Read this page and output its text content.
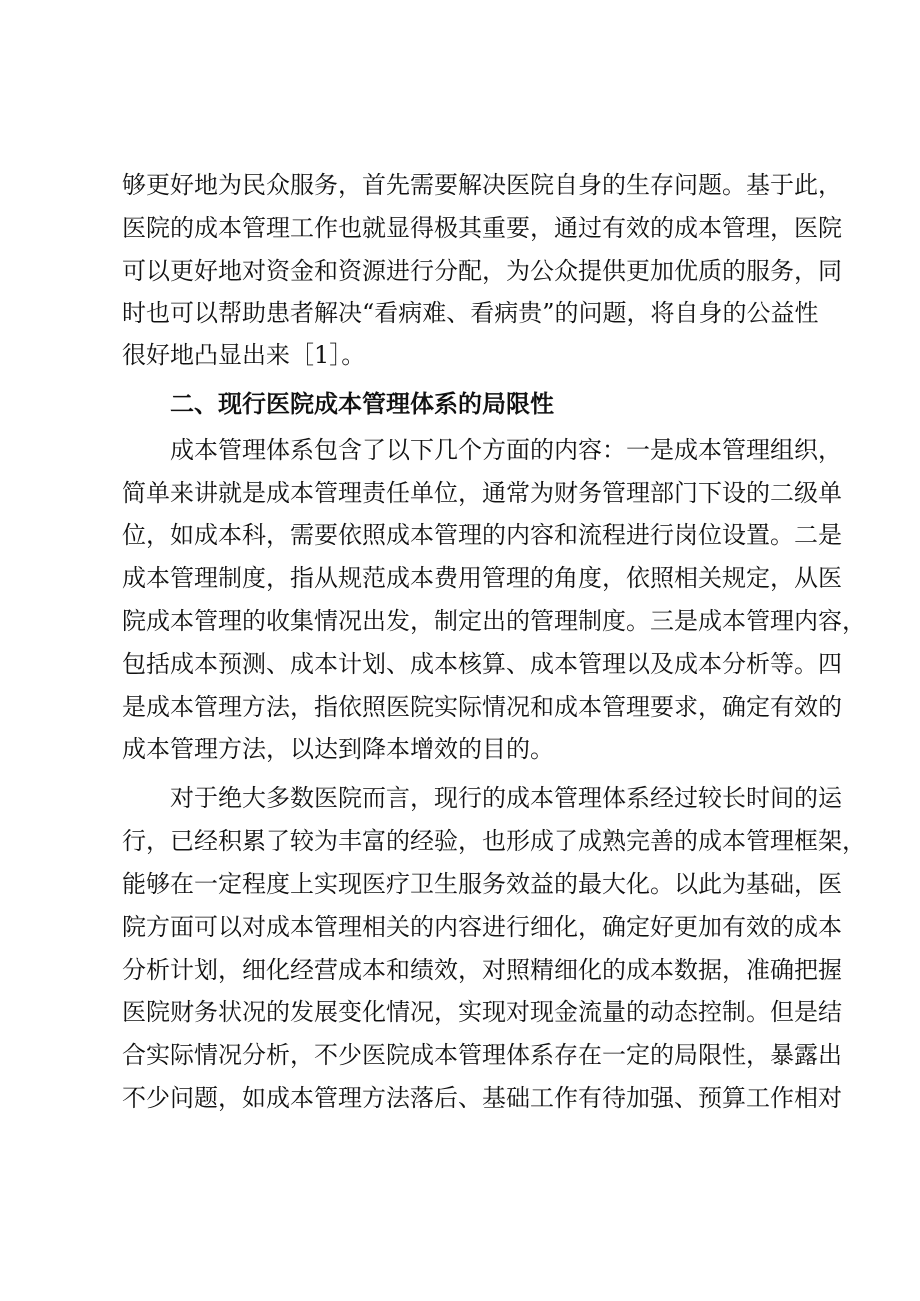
够更好地为民众服务，首先需要解决医院自身的生存问题。基于此，
医院的成本管理工作也就显得极其重要，通过有效的成本管理，医院
可以更好地对资金和资源进行分配，为公众提供更加优质的服务，同
时也可以帮助患者解决“看病难、看病贵”的问题，将自身的公益性
很好地凸显出来［1］。
二、现行医院成本管理体系的局限性
成本管理体系包含了以下几个方面的内容：一是成本管理组织，
简单来讲就是成本管理责任单位，通常为财务管理部门下设的二级单
位，如成本科，需要依照成本管理的内容和流程进行岗位设置。二是
成本管理制度，指从规范成本费用管理的角度，依照相关规定，从医
院成本管理的收集情况出发，制定出的管理制度。三是成本管理内容，
包括成本预测、成本计划、成本核算、成本管理以及成本分析等。四
是成本管理方法，指依照医院实际情况和成本管理要求，确定有效的
成本管理方法，以达到降本增效的目的。
对于绝大多数医院而言，现行的成本管理体系经过较长时间的运
行，已经积累了较为丰富的经验，也形成了成熟完善的成本管理框架，
能够在一定程度上实现医疗卫生服务效益的最大化。以此为基础，医
院方面可以对成本管理相关的内容进行细化，确定好更加有效的成本
分析计划，细化经营成本和绩效，对照精细化的成本数据，准确把握
医院财务状况的发展变化情况，实现对现金流量的动态控制。但是结
合实际情况分析，不少医院成本管理体系存在一定的局限性，暴露出
不少问题，如成本管理方法落后、基础工作有待加强、预算工作相对
